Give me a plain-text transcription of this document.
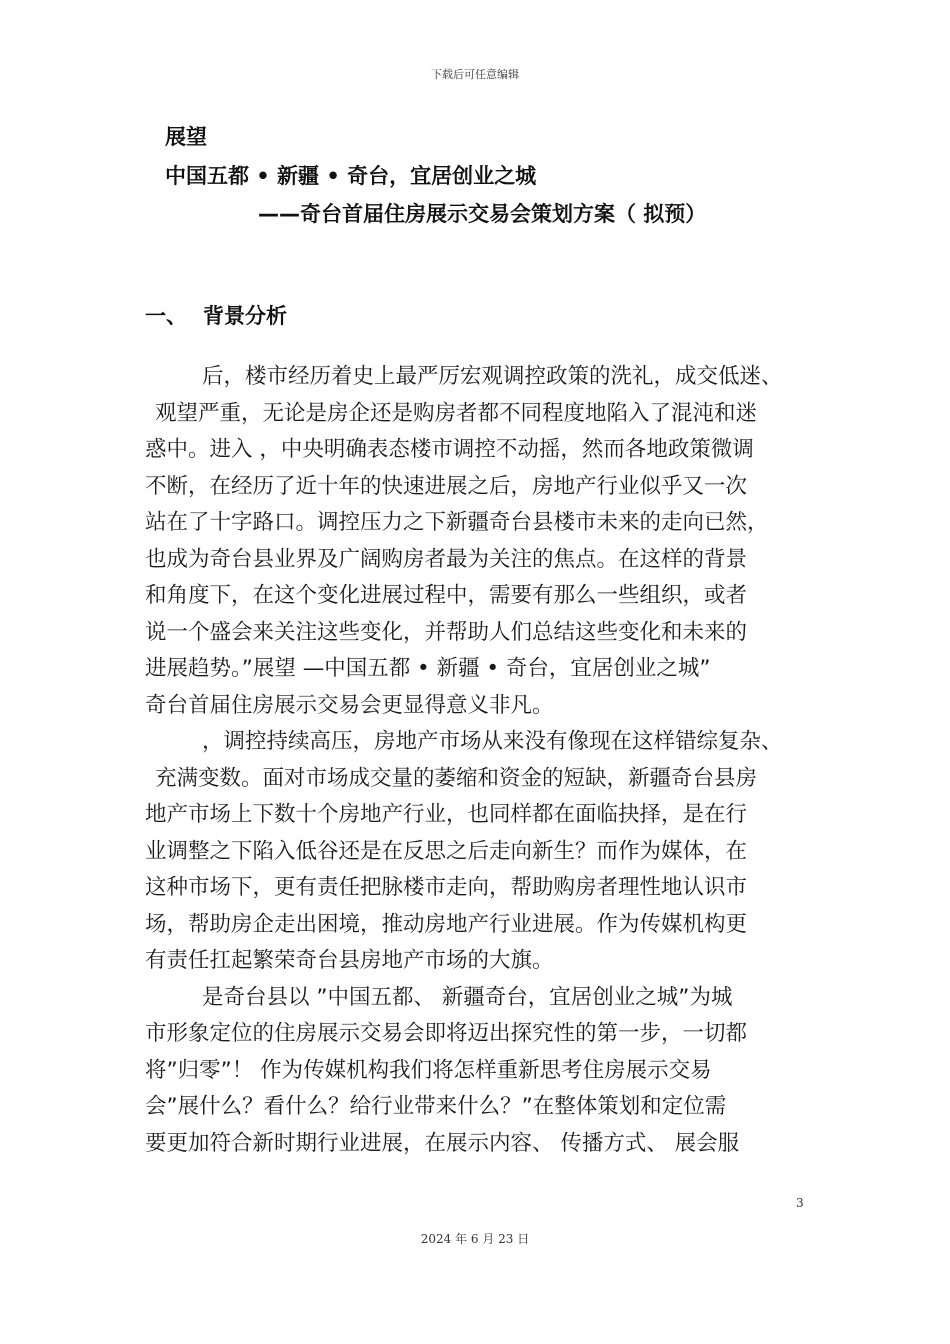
下载后可任意编辑
展望
中国五都 • 新疆 • 奇台，宜居创业之城
——奇台首届住房展示交易会策划方案（ 拟预）
一、 背景分析
后，楼市经历着史上最严厉宏观调控政策的洗礼，成交低迷、
观望严重，无论是房企还是购房者都不同程度地陷入了混沌和迷
惑中。进入 ，中央明确表态楼市调控不动摇，然而各地政策微调
不断，在经历了近十年的快速进展之后，房地产行业似乎又一次
站在了十字路口。调控压力之下新疆奇台县楼市未来的走向已然，
也成为奇台县业界及广阔购房者最为关注的焦点。在这样的背景
和角度下，在这个变化进展过程中，需要有那么一些组织，或者
说一个盛会来关注这些变化，并帮助人们总结这些变化和未来的
进展趋势。”展望 —中国五都 • 新疆 • 奇台，宜居创业之城”
奇台首届住房展示交易会更显得意义非凡。
，调控持续高压，房地产市场从来没有像现在这样错综复杂、
充满变数。面对市场成交量的萎缩和资金的短缺，新疆奇台县房
地产市场上下数十个房地产行业，也同样都在面临抉择，是在行
业调整之下陷入低谷还是在反思之后走向新生？而作为媒体，在
这种市场下，更有责任把脉楼市走向，帮助购房者理性地认识市
场，帮助房企走出困境，推动房地产行业进展。作为传媒机构更
有责任扛起繁荣奇台县房地产市场的大旗。
是奇台县以 ”中国五都、 新疆奇台，宜居创业之城”为城
市形象定位的住房展示交易会即将迈出探究性的第一步，一切都
将”归零”！ 作为传媒机构我们将怎样重新思考住房展示交易
会”展什么？看什么？给行业带来什么？”在整体策划和定位需
要更加符合新时期行业进展，在展示内容、 传播方式、 展会服
3
2024 年 6 月 23 日
